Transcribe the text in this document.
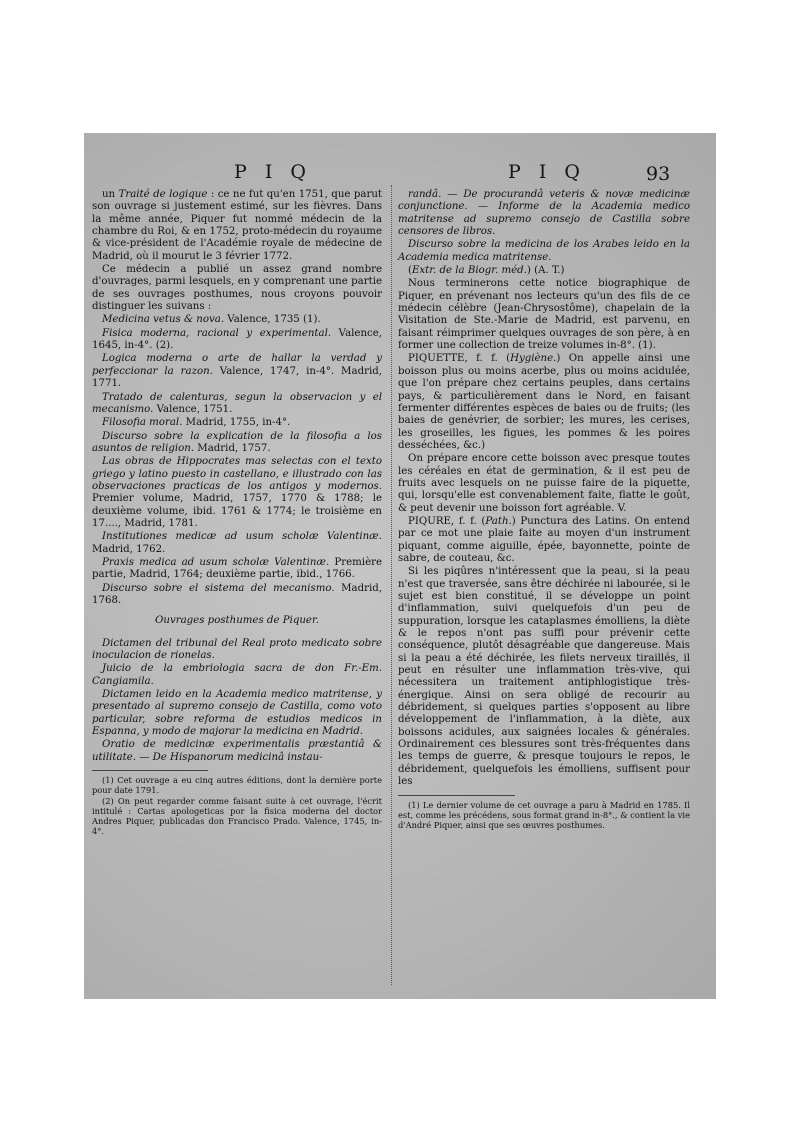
P I Q	P I Q	93

un Traité de logique : ce ne fut qu'en 1751, que parut son ouvrage si justement estimé, sur les fièvres. Dans la même année, Piquer fut nommé médecin de la chambre du Roi, & en 1752, proto-médecin du royaume & vice-président de l'Académie royale de médecine de Madrid, où il mourut le 3 février 1772.

Ce médecin a publié un assez grand nombre d'ouvrages, parmi lesquels, en y comprenant une partie de ses ouvrages posthumes, nous croyons pouvoir distinguer les suivans :

Medicina vetus & nova. Valence, 1735 (1).

Fisica moderna, racional y experimental. Valence, 1645, in-4°. (2).

Logica moderna o arte de hallar la verdad y perfeccionar la razon. Valence, 1747, in-4°. Madrid, 1771.

Tratado de calenturas, segun la observacion y el mecanismo. Valence, 1751.

Filosofia moral. Madrid, 1755, in-4°.

Discurso sobre la explication de la filosofia a los asuntos de religion. Madrid, 1757.

Las obras de Hippocrates mas selectas con el texto griego y latino puesto in castellano, e illustrado con las observaciones practicas de los antigos y modernos. Premier volume, Madrid, 1757, 1770 & 1788; le deuxième volume, ibid. 1761 & 1774; le troisième en 17...., Madrid, 1781.

Institutiones medicæ ad usum scholæ Valentinæ. Madrid, 1762.

Praxis medica ad usum scholæ Valentinæ. Première partie, Madrid, 1764; deuxième partie, ibid., 1766.

Discurso sobre el sistema del mecanismo. Madrid, 1768.

Ouvrages posthumes de Piquer.

Dictamen del tribunal del Real proto medicato sobre inoculacion de rionelas.

Juicio de la embriologia sacra de don Fr.-Em. Cangiamila.

Dictamen leido en la Academia medico matritense, y presentado al supremo consejo de Castilla, como voto particular, sobre reforma de estudios medicos in Espanna, y modo de majorar la medicina en Madrid.

Oratio de medicinæ experimentalis præstantiâ & utilitate. — De Hispanorum medicinâ instau-

(1) Cet ouvrage a eu cinq autres éditions, dont la dernière porte pour date 1791.

(2) On peut regarder comme faisant suite à cet ouvrage, l'écrit intitulé : Cartas apologeticas por la fisica moderna del doctor Andres Piquer, publicadas don Francisco Prado. Valence, 1745, in-4°.

randâ. — De procurandâ veteris & novæ medicinæ conjunctione. — Informe de la Academia medico matritense ad supremo consejo de Castilla sobre censores de libros.

Discurso sobre la medicina de los Arabes leido en la Academia medica matritense.

(Extr. de la Biogr. méd.) (A. T.)

Nous terminerons cette notice biographique de Piquer, en prévenant nos lecteurs qu'un des fils de ce médecin célèbre (Jean-Chrysostôme), chapelain de la Visitation de Ste.-Marie de Madrid, est parvenu, en faisant réimprimer quelques ouvrages de son père, à en former une collection de treize volumes in-8°. (1).

PIQUETTE, f. f. (Hygiène.) On appelle ainsi une boisson plus ou moins acerbe, plus ou moins acidulée, que l'on prépare chez certains peuples, dans certains pays, & particulièrement dans le Nord, en faisant fermenter différentes espèces de baies ou de fruits; (les baies de genévrier, de sorbier; les mures, les cerises, les groseilles, les figues, les pommes & les poires desséchées, &c.)

On prépare encore cette boisson avec presque toutes les céréales en état de germination, & il est peu de fruits avec lesquels on ne puisse faire de la piquette, qui, lorsqu'elle est convenablement faite, flatte le goût, & peut devenir une boisson fort agréable. V.

PIQURE, f. f. (Path.) Punctura des Latins. On entend par ce mot une plaie faite au moyen d'un instrument piquant, comme aiguille, épée, bayonnette, pointe de sabre, de couteau, &c.

Si les piqûres n'intéressent que la peau, si la peau n'est que traversée, sans être déchirée ni labourée, si le sujet est bien constitué, il se développe un point d'inflammation, suivi quelquefois d'un peu de suppuration, lorsque les cataplasmes émolliens, la diète & le repos n'ont pas suffi pour prévenir cette conséquence, plutôt désagréable que dangereuse. Mais si la peau a été déchirée, les filets nerveux tiraillés, il peut en résulter une inflammation très-vive, qui nécessitera un traitement antiphlogistique très-énergique. Ainsi on sera obligé de recourir au débridement, si quelques parties s'opposent au libre développement de l'inflammation, à la diète, aux boissons acidules, aux saignées locales & générales. Ordinairement ces blessures sont très-fréquentes dans les temps de guerre, & presque toujours le repos, le débridement, quelquefois les émolliens, suffisent pour les

(1) Le dernier volume de cet ouvrage a paru à Madrid en 1785. Il est, comme les précédens, sous format grand in-8°., & contient la vie d'André Piquer, ainsi que ses œuvres posthumes.
